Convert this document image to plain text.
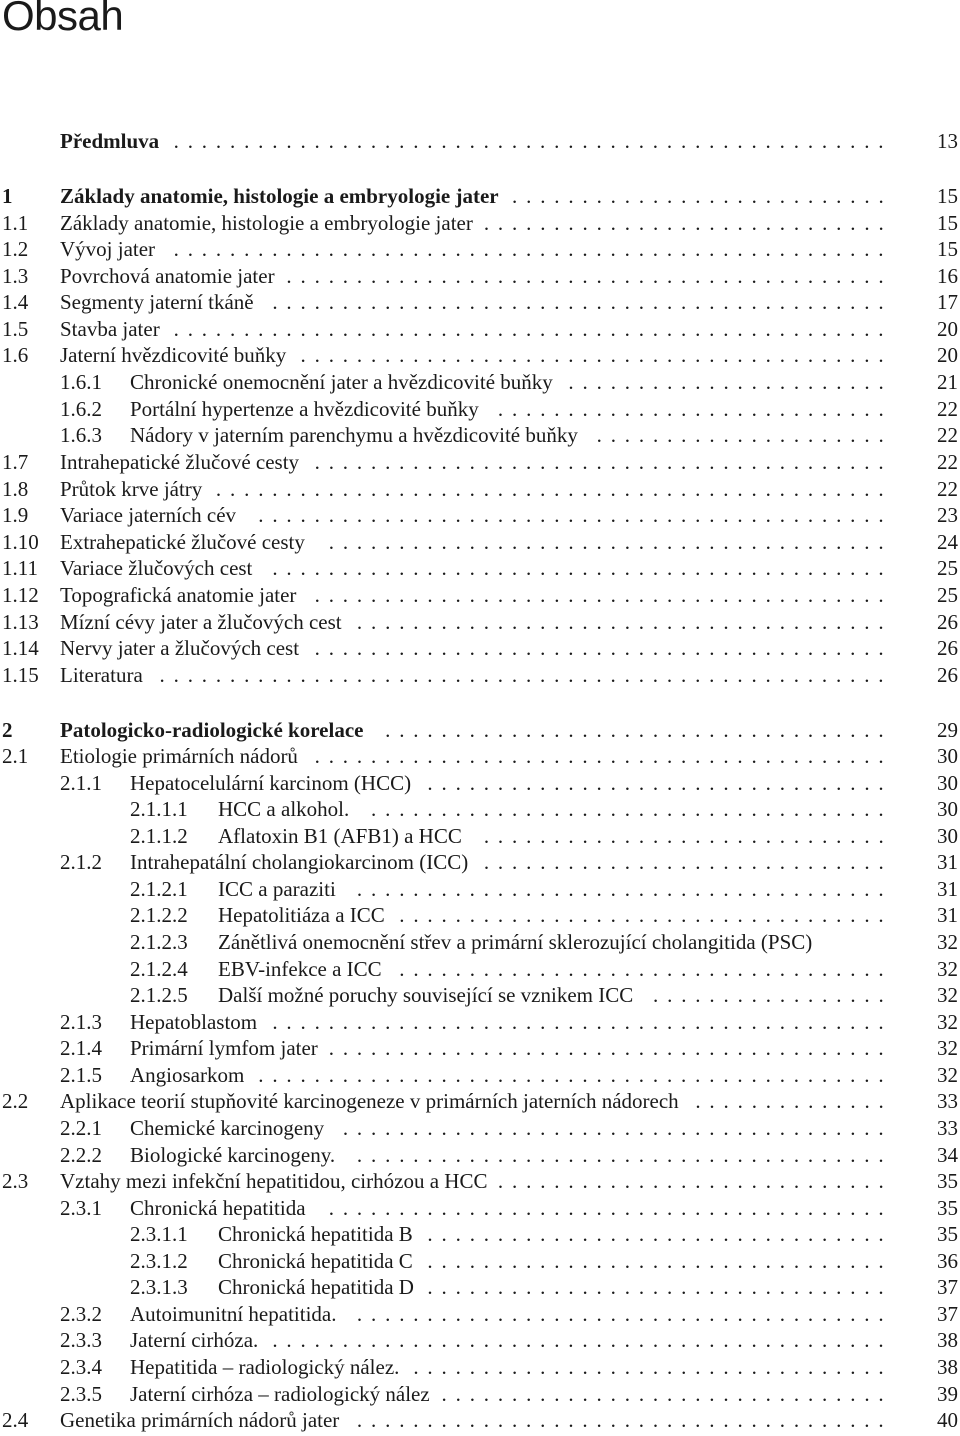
Obsah
Předmluva . . . . . . . . . . . . . . . . . . . . . . . . . . . . . . . . . . . . . . . . . . . . . . . . . . .	13
1 Základy anatomie, histologie a embryologie jater . . . . . . . . . . . . . . . . . . . . . . . . . . .	15
1.1 Základy anatomie, histologie a embryologie jater . . . . . . . . . . . . . . . . . . . . . . . . . . . . .	15
1.2 Vývoj jater . . . . . . . . . . . . . . . . . . . . . . . . . . . . . . . . . . . . . . . . . . . . . . . . . . .	15
1.3 Povrchová anatomie jater . . . . . . . . . . . . . . . . . . . . . . . . . . . . . . . . . . . . . . . . . . .	16
1.4 Segmenty jaterní tkáně . . . . . . . . . . . . . . . . . . . . . . . . . . . . . . . . . . . . . . . . . . . .	17
1.5 Stavba jater . . . . . . . . . . . . . . . . . . . . . . . . . . . . . . . . . . . . . . . . . . . . . . . . . . .	20
1.6 Jaterní hvězdicovité buňky . . . . . . . . . . . . . . . . . . . . . . . . . . . . . . . . . . . . . . . . . .	20
1.6.1 Chronické onemocnění jater a hvězdicovité buňky . . . . . . . . . . . . . . . . . . . . . . .	21
1.6.2 Portální hypertenze a hvězdicovité buňky . . . . . . . . . . . . . . . . . . . . . . . . . . . .	22
1.6.3 Nádory v jaterním parenchymu a hvězdicovité buňky . . . . . . . . . . . . . . . . . . . . .	22
1.7 Intrahepatické žlučové cesty . . . . . . . . . . . . . . . . . . . . . . . . . . . . . . . . . . . . . . . . .	22
1.8 Průtok krve játry . . . . . . . . . . . . . . . . . . . . . . . . . . . . . . . . . . . . . . . . . . . . . . . .	22
1.9 Variace jaterních cév . . . . . . . . . . . . . . . . . . . . . . . . . . . . . . . . . . . . . . . . . . . . .	23
1.10 Extrahepatické žlučové cesty . . . . . . . . . . . . . . . . . . . . . . . . . . . . . . . . . . . . . . . .	24
1.11 Variace žlučových cest . . . . . . . . . . . . . . . . . . . . . . . . . . . . . . . . . . . . . . . . . . . .	25
1.12 Topografická anatomie jater . . . . . . . . . . . . . . . . . . . . . . . . . . . . . . . . . . . . . . . . .	25
1.13 Mízní cévy jater a žlučových cest . . . . . . . . . . . . . . . . . . . . . . . . . . . . . . . . . . . . . .	26
1.14 Nervy jater a žlučových cest . . . . . . . . . . . . . . . . . . . . . . . . . . . . . . . . . . . . . . . . .	26
1.15 Literatura . . . . . . . . . . . . . . . . . . . . . . . . . . . . . . . . . . . . . . . . . . . . . . . . . . . .	26
2 Patologicko-radiologické korelace . . . . . . . . . . . . . . . . . . . . . . . . . . . . . . . . . . . .	29
2.1 Etiologie primárních nádorů . . . . . . . . . . . . . . . . . . . . . . . . . . . . . . . . . . . . . . . . .	30
2.1.1 Hepatocelulární karcinom (HCC) . . . . . . . . . . . . . . . . . . . . . . . . . . . . . . . . .	30
2.1.1.1 HCC a alkohol. . . . . . . . . . . . . . . . . . . . . . . . . . . . . . . . . . . . . .	30
2.1.1.2 Aflatoxin B1 (AFB1) a HCC . . . . . . . . . . . . . . . . . . . . . . . . . . . . .	30
2.1.2 Intrahepatální cholangiokarcinom (ICC) . . . . . . . . . . . . . . . . . . . . . . . . . . . . .	31
2.1.2.1 ICC a paraziti . . . . . . . . . . . . . . . . . . . . . . . . . . . . . . . . . . . . . .	31
2.1.2.2 Hepatolitiáza a ICC . . . . . . . . . . . . . . . . . . . . . . . . . . . . . . . . . . .	31
2.1.2.3 Zánětlivá onemocnění střev a primární sklerozující cholangitida (PSC)	32
2.1.2.4 EBV-infekce a ICC . . . . . . . . . . . . . . . . . . . . . . . . . . . . . . . . . . .	32
2.1.2.5 Další možné poruchy související se vznikem ICC . . . . . . . . . . . . . . . . .	32
2.1.3 Hepatoblastom . . . . . . . . . . . . . . . . . . . . . . . . . . . . . . . . . . . . . . . . . . . .	32
2.1.4 Primární lymfom jater . . . . . . . . . . . . . . . . . . . . . . . . . . . . . . . . . . . . . . . .	32
2.1.5 Angiosarkom . . . . . . . . . . . . . . . . . . . . . . . . . . . . . . . . . . . . . . . . . . . . .	32
2.2 Aplikace teorií stupňovité karcinogeneze v primárních jaterních nádorech . . . . . . . . . . . . . .	33
2.2.1 Chemické karcinogeny . . . . . . . . . . . . . . . . . . . . . . . . . . . . . . . . . . . . . . .	33
2.2.2 Biologické karcinogeny. . . . . . . . . . . . . . . . . . . . . . . . . . . . . . . . . . . . . . .	34
2.3 Vztahy mezi infekční hepatitidou, cirhózou a HCC . . . . . . . . . . . . . . . . . . . . . . . . . . . .	35
2.3.1 Chronická hepatitida . . . . . . . . . . . . . . . . . . . . . . . . . . . . . . . . . . . . . . . .	35
2.3.1.1 Chronická hepatitida B . . . . . . . . . . . . . . . . . . . . . . . . . . . . . . . . .	35
2.3.1.2 Chronická hepatitida C . . . . . . . . . . . . . . . . . . . . . . . . . . . . . . . . .	36
2.3.1.3 Chronická hepatitida D . . . . . . . . . . . . . . . . . . . . . . . . . . . . . . . . .	37
2.3.2 Autoimunitní hepatitida. . . . . . . . . . . . . . . . . . . . . . . . . . . . . . . . . . . . . . .	37
2.3.3 Jaterní cirhóza. . . . . . . . . . . . . . . . . . . . . . . . . . . . . . . . . . . . . . . . . . . . .	38
2.3.4 Hepatitida – radiologický nález. . . . . . . . . . . . . . . . . . . . . . . . . . . . . . . . . . .	38
2.3.5 Jaterní cirhóza – radiologický nález . . . . . . . . . . . . . . . . . . . . . . . . . . . . . . . .	39
2.4 Genetika primárních nádorů jater . . . . . . . . . . . . . . . . . . . . . . . . . . . . . . . . . . . . . .	40
